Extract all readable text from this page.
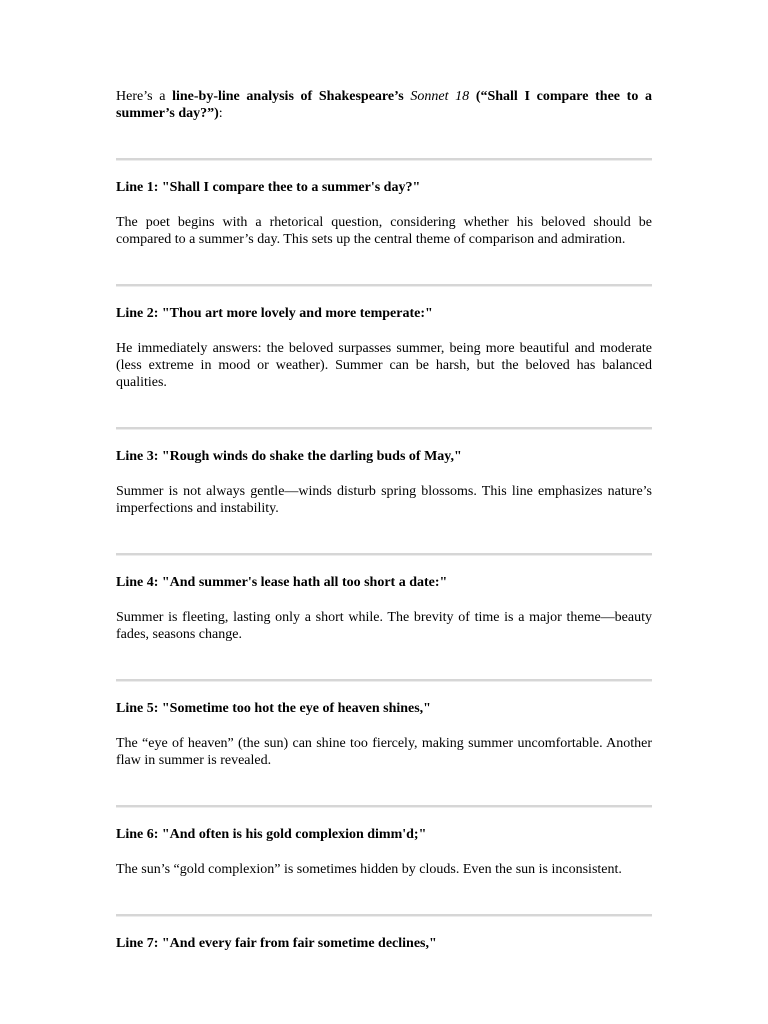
Here’s a line-by-line analysis of Shakespeare’s Sonnet 18 (“Shall I compare thee to a summer’s day?”):

Line 1: "Shall I compare thee to a summer's day?"

The poet begins with a rhetorical question, considering whether his beloved should be compared to a summer’s day. This sets up the central theme of comparison and admiration.

Line 2: "Thou art more lovely and more temperate:"

He immediately answers: the beloved surpasses summer, being more beautiful and moderate (less extreme in mood or weather). Summer can be harsh, but the beloved has balanced qualities.

Line 3: "Rough winds do shake the darling buds of May,"

Summer is not always gentle—winds disturb spring blossoms. This line emphasizes nature’s imperfections and instability.

Line 4: "And summer's lease hath all too short a date:"

Summer is fleeting, lasting only a short while. The brevity of time is a major theme—beauty fades, seasons change.

Line 5: "Sometime too hot the eye of heaven shines,"

The “eye of heaven” (the sun) can shine too fiercely, making summer uncomfortable. Another flaw in summer is revealed.

Line 6: "And often is his gold complexion dimm'd;"

The sun’s “gold complexion” is sometimes hidden by clouds. Even the sun is inconsistent.

Line 7: "And every fair from fair sometime declines,"
